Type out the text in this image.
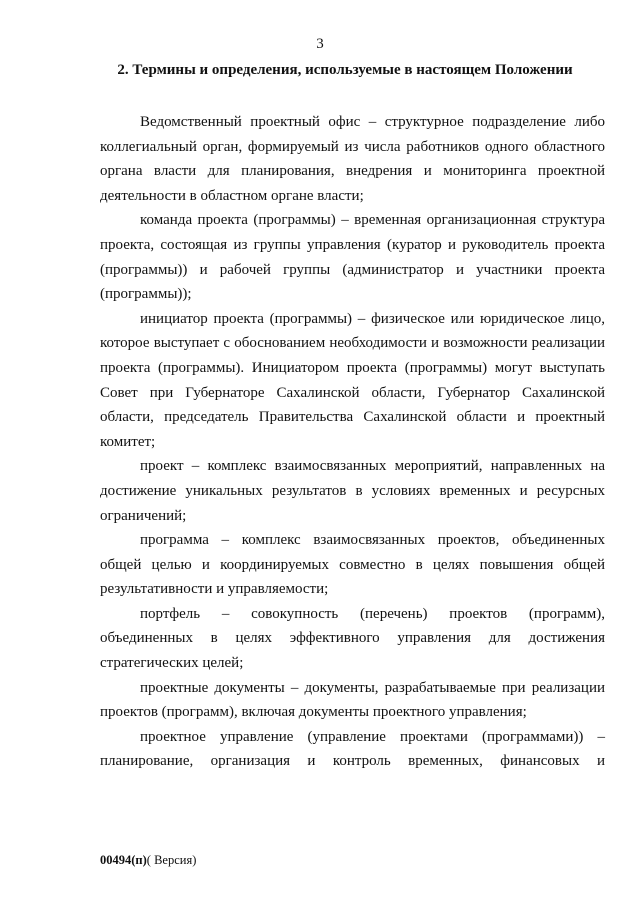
3
2. Термины и определения, используемые в настоящем Положении

Ведомственный проектный офис – структурное подразделение либо коллегиальный орган, формируемый из числа работников одного областного органа власти для планирования, внедрения и мониторинга проектной деятельности в областном органе власти;

команда проекта (программы) – временная организационная структура проекта, состоящая из группы управления (куратор и руководитель проекта (программы)) и рабочей группы (администратор и участники проекта (программы));

инициатор проекта (программы) – физическое или юридическое лицо, которое выступает с обоснованием необходимости и возможности реализации проекта (программы). Инициатором проекта (программы) могут выступать Совет при Губернаторе Сахалинской области, Губернатор Сахалинской области, председатель Правительства Сахалинской области и проектный комитет;

проект – комплекс взаимосвязанных мероприятий, направленных на достижение уникальных результатов в условиях временных и ресурсных ограничений;

программа – комплекс взаимосвязанных проектов, объединенных общей целью и координируемых совместно в целях повышения общей результативности и управляемости;

портфель – совокупность (перечень) проектов (программ), объединенных в целях эффективного управления для достижения стратегических целей;

проектные документы – документы, разрабатываемые при реализации проектов (программ), включая документы проектного управления;

проектное управление (управление проектами (программами)) – планирование, организация и контроль временных, финансовых и

00494(п)( Версия)
